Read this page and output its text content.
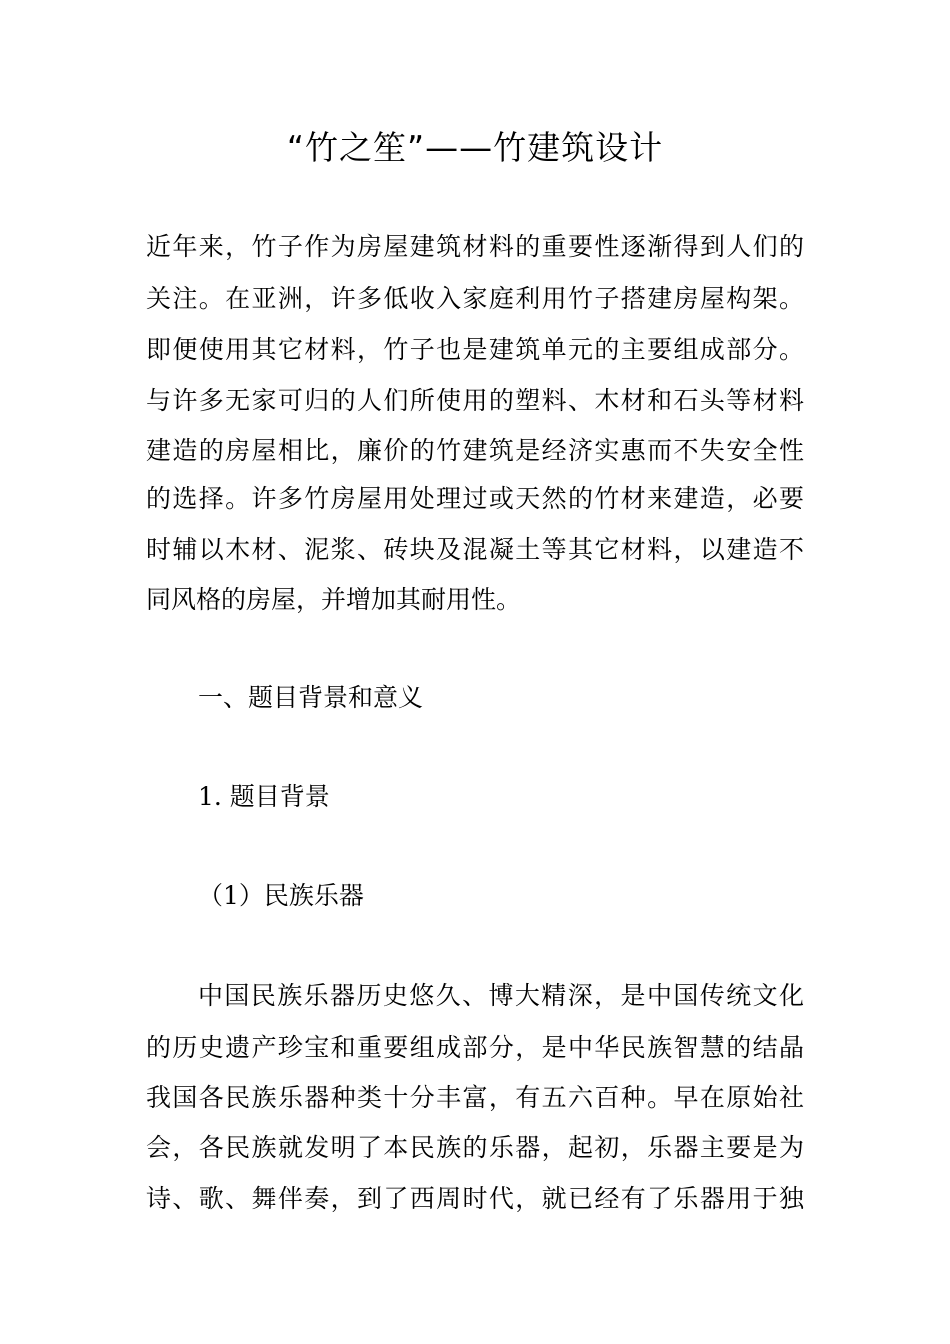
“竹之笙”——竹建筑设计
近年来，竹子作为房屋建筑材料的重要性逐渐得到人们的
关注。在亚洲，许多低收入家庭利用竹子搭建房屋构架。
即便使用其它材料，竹子也是建筑单元的主要组成部分。
与许多无家可归的人们所使用的塑料、木材和石头等材料
建造的房屋相比，廉价的竹建筑是经济实惠而不失安全性
的选择。许多竹房屋用处理过或天然的竹材来建造，必要
时辅以木材、泥浆、砖块及混凝土等其它材料，以建造不
同风格的房屋，并增加其耐用性。
一、题目背景和意义
1. 题目背景
（1）民族乐器
中国民族乐器历史悠久、博大精深，是中国传统文化
的历史遗产珍宝和重要组成部分，是中华民族智慧的结晶
我国各民族乐器种类十分丰富，有五六百种。早在原始社
会，各民族就发明了本民族的乐器，起初，乐器主要是为
诗、歌、舞伴奏，到了西周时代，就已经有了乐器用于独
